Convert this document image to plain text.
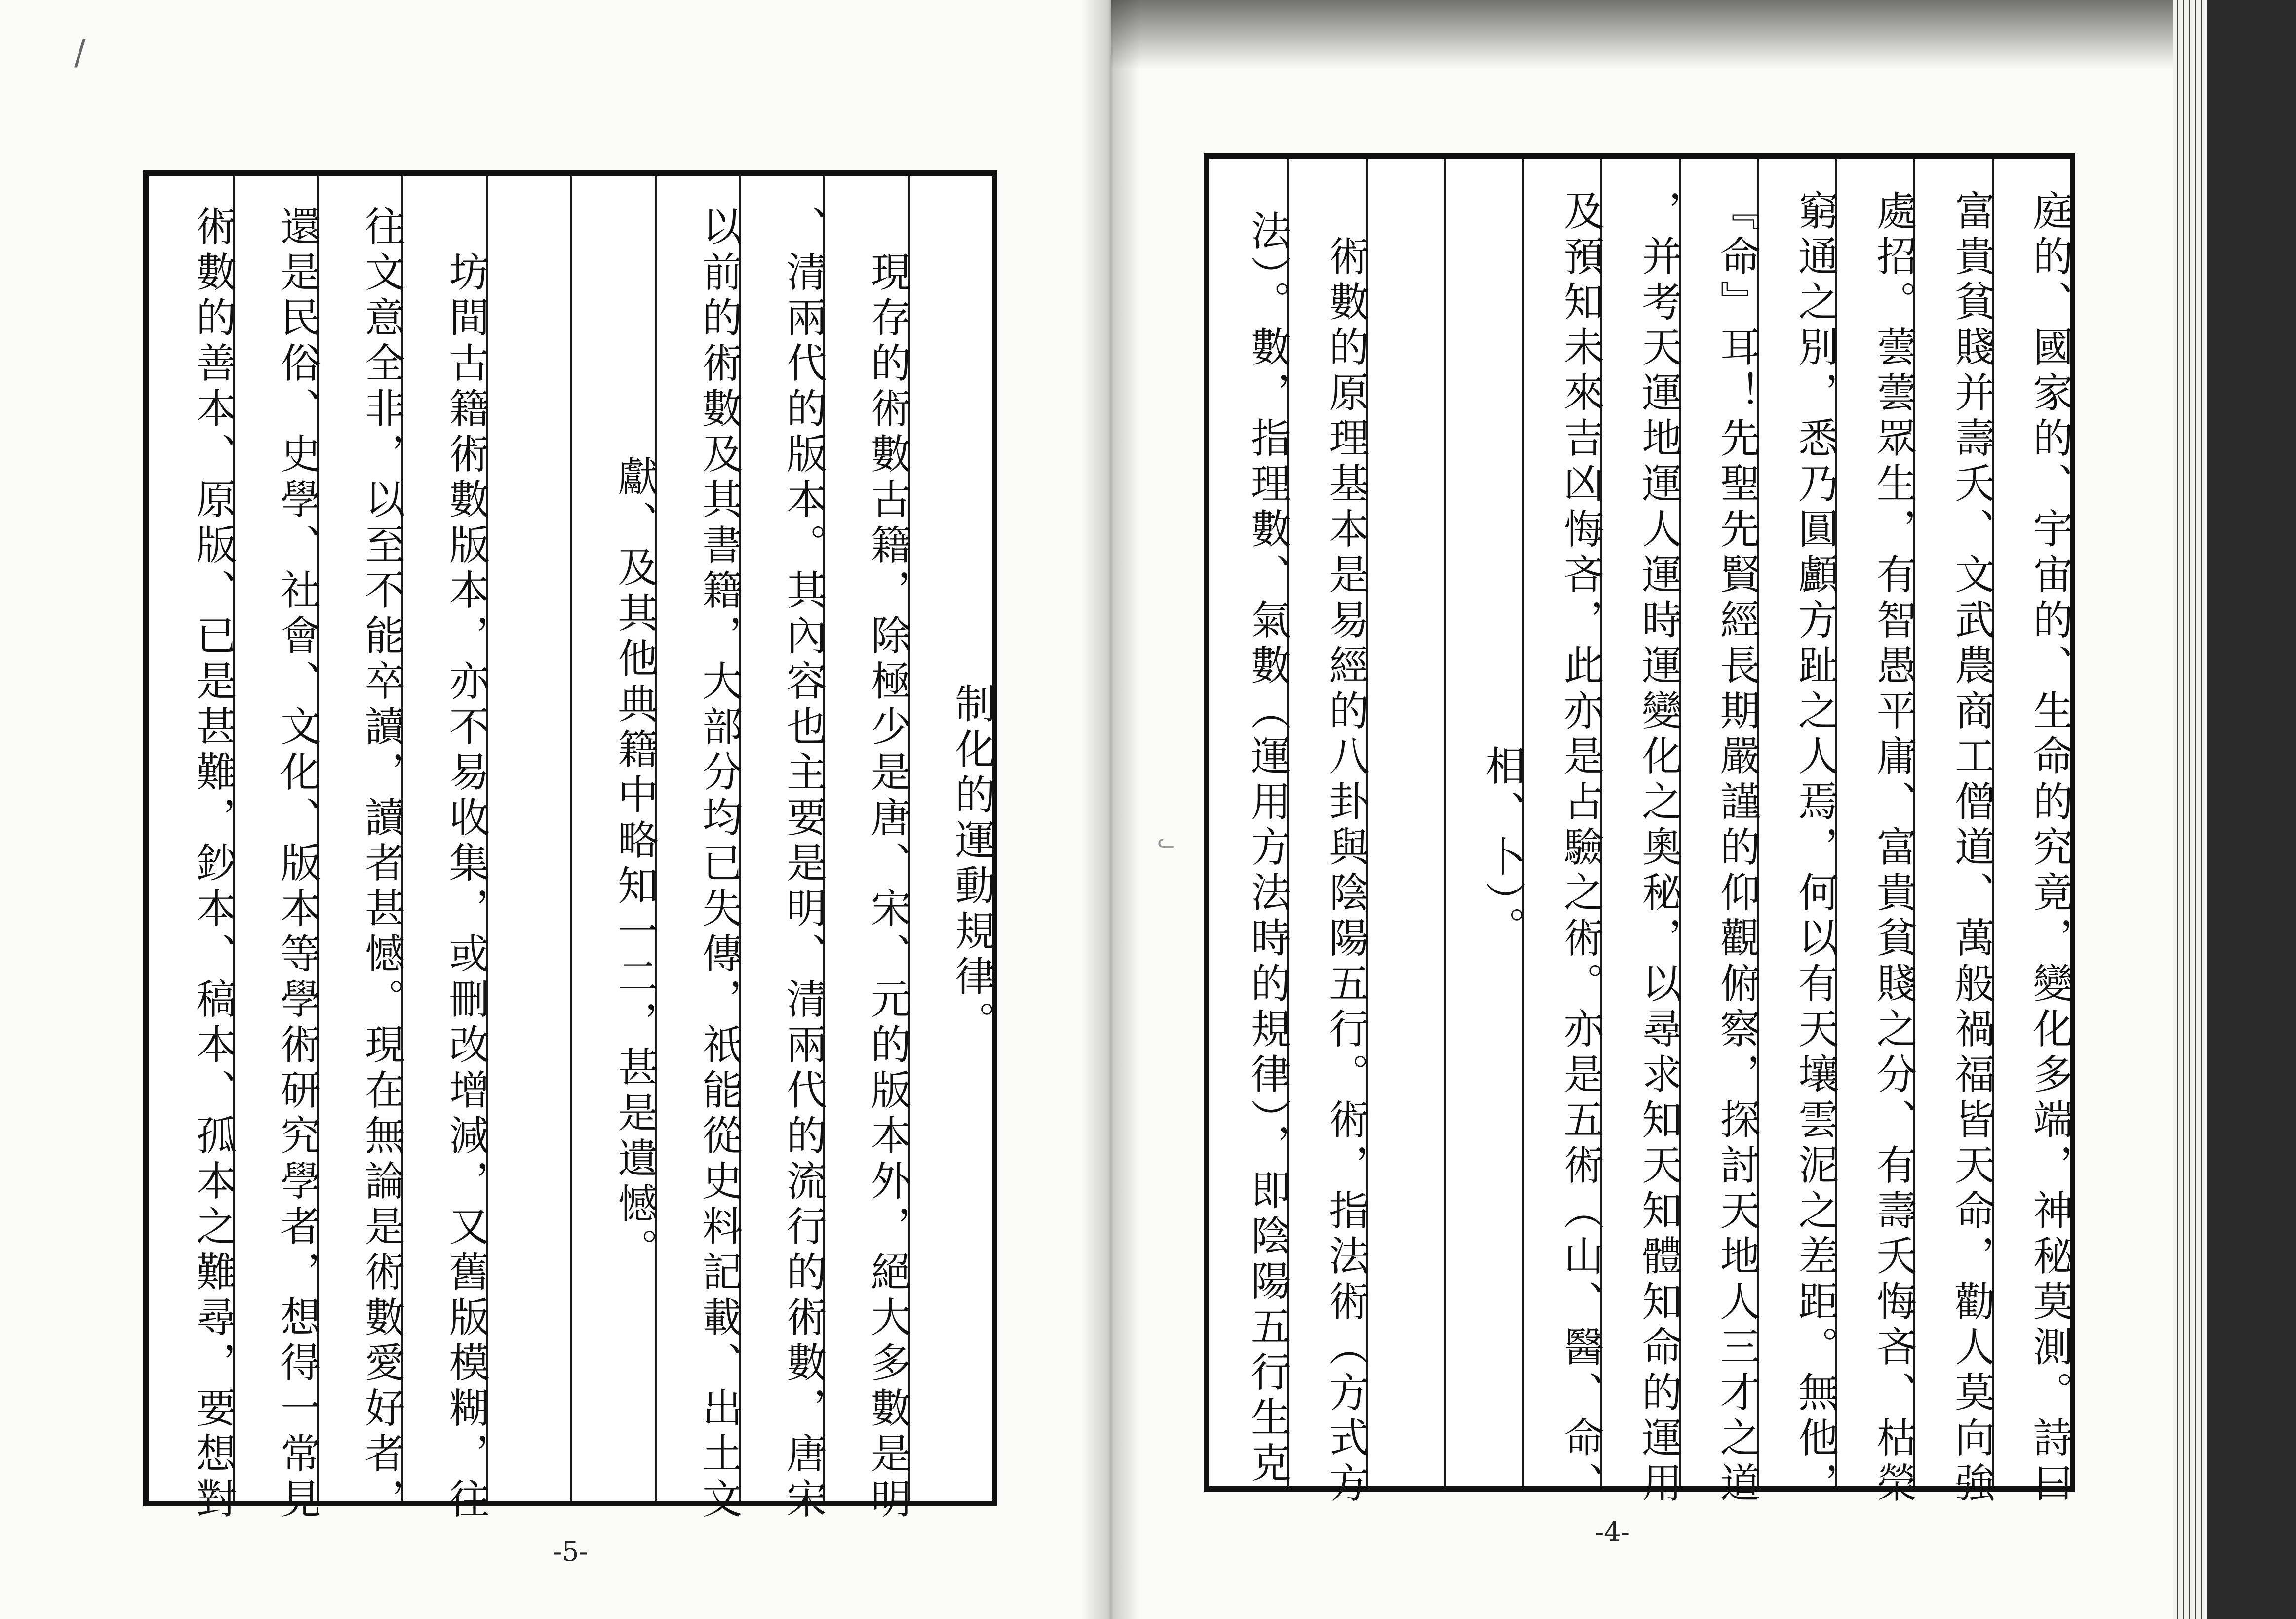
/
ᓚ
制化的運動規律。
　現存的術數古籍，除極少是唐、宋、元的版本外，絕大多數是明
、清兩代的版本。其內容也主要是明、清兩代的流行的術數，唐宋
以前的術數及其書籍，大部分均已失傳，祇能從史料記載、出土文
獻、及其他典籍中略知一二，甚是遺憾。
　坊間古籍術數版本，亦不易收集，或刪改增減，又舊版模糊，往
往文意全非，以至不能卒讀，讀者甚憾。現在無論是術數愛好者，
還是民俗、史學、社會、文化、版本等學術研究學者，想得一常見
術數的善本、原版、已是甚難，鈔本、稿本、孤本之難尋，要想對
-5-
庭的、國家的、宇宙的、生命的究竟，變化多端，神秘莫測。詩曰
富貴貧賤并壽夭、文武農商工僧道、萬般禍福皆天命，勸人莫向強
處招。蕓蕓眾生，有智愚平庸、富貴貧賤之分、有壽夭悔吝、枯榮
窮通之別，悉乃圓顱方趾之人焉，何以有天壤雲泥之差距。無他，
『命』耳！先聖先賢經長期嚴謹的仰觀俯察，探討天地人三才之道
，并考天運地運人運時運變化之奧秘，以尋求知天知體知命的運用
及預知未來吉凶悔吝，此亦是占驗之術。亦是五術（山、醫、命、
相、卜）。
　術數的原理基本是易經的八卦與陰陽五行。術，指法術（方式方
法）。數，指理數、氣數（運用方法時的規律），即陰陽五行生克
-4-
